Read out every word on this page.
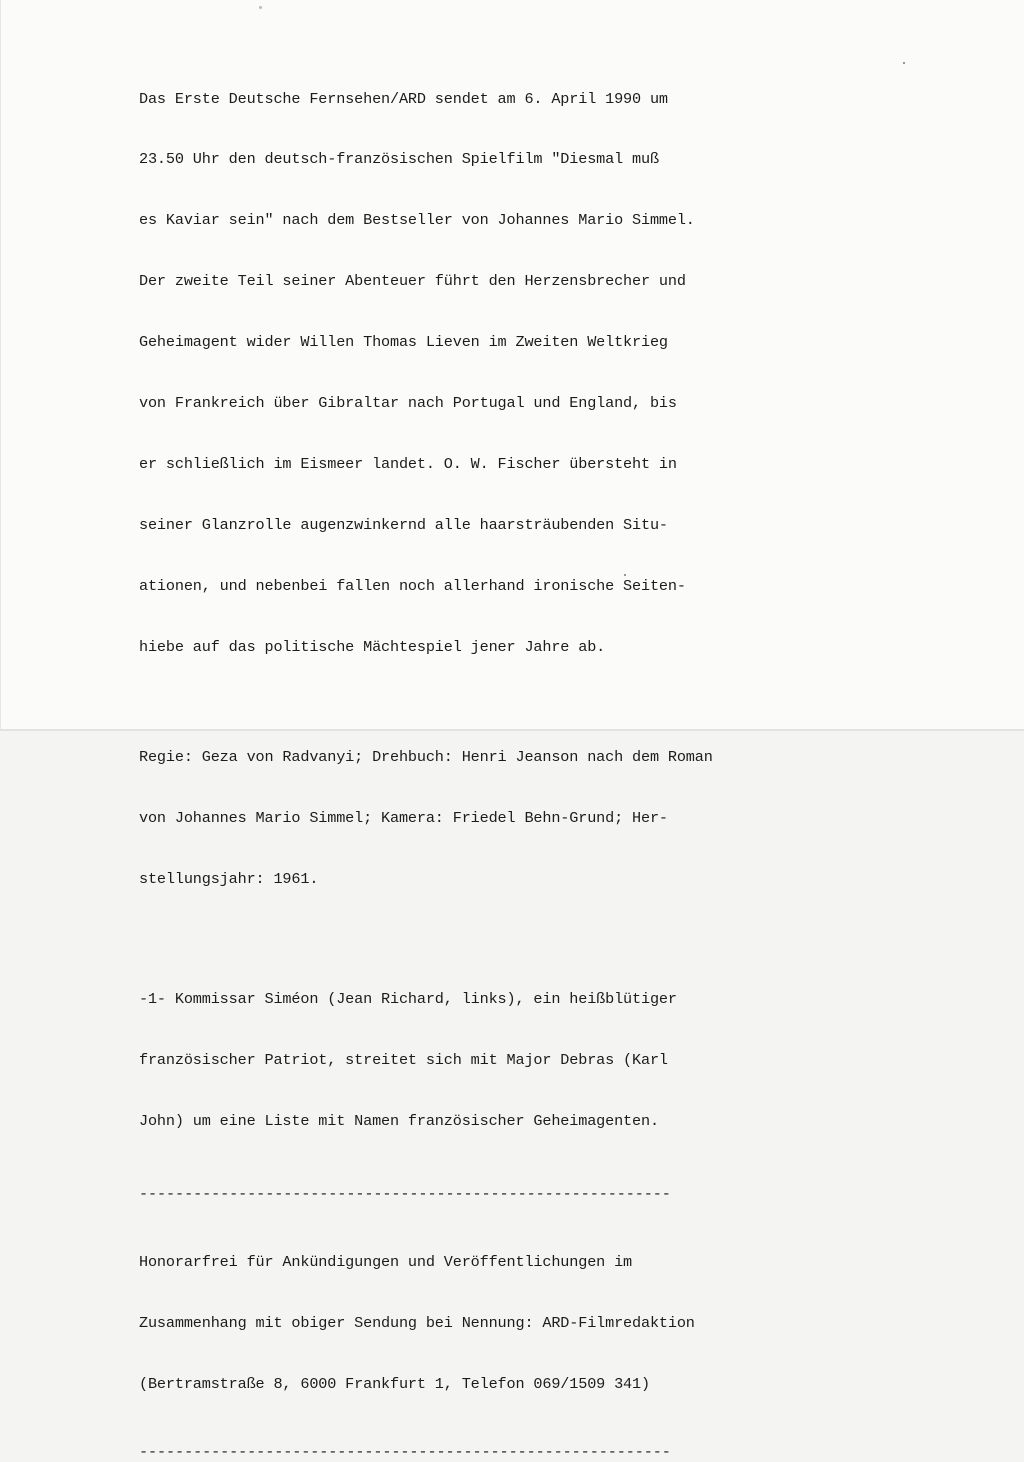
Das Erste Deutsche Fernsehen/ARD sendet am 6. April 1990 um

23.50 Uhr den deutsch-französischen Spielfilm "Diesmal muß

es Kaviar sein" nach dem Bestseller von Johannes Mario Simmel.

Der zweite Teil seiner Abenteuer führt den Herzensbrecher und

Geheimagent wider Willen Thomas Lieven im Zweiten Weltkrieg

von Frankreich über Gibraltar nach Portugal und England, bis

er schließlich im Eismeer landet. O. W. Fischer übersteht in

seiner Glanzrolle augenzwinkernd alle haarsträubenden Situ-

ationen, und nebenbei fallen noch allerhand ironische Seiten-

hiebe auf das politische Mächtespiel jener Jahre ab.

Regie: Geza von Radvanyi; Drehbuch: Henri Jeanson nach dem Roman

von Johannes Mario Simmel; Kamera: Friedel Behn-Grund; Her-

stellungsjahr: 1961.

-1- Kommissar Siméon (Jean Richard, links), ein heißblütiger

französischer Patriot, streitet sich mit Major Debras (Karl

John) um eine Liste mit Namen französischer Geheimagenten.

-----------------------------------------------------------

Honorarfrei für Ankündigungen und Veröffentlichungen im

Zusammenhang mit obiger Sendung bei Nennung: ARD-Filmredaktion

(Bertramstraße 8, 6000 Frankfurt 1, Telefon 069/1509 341)

-----------------------------------------------------------
